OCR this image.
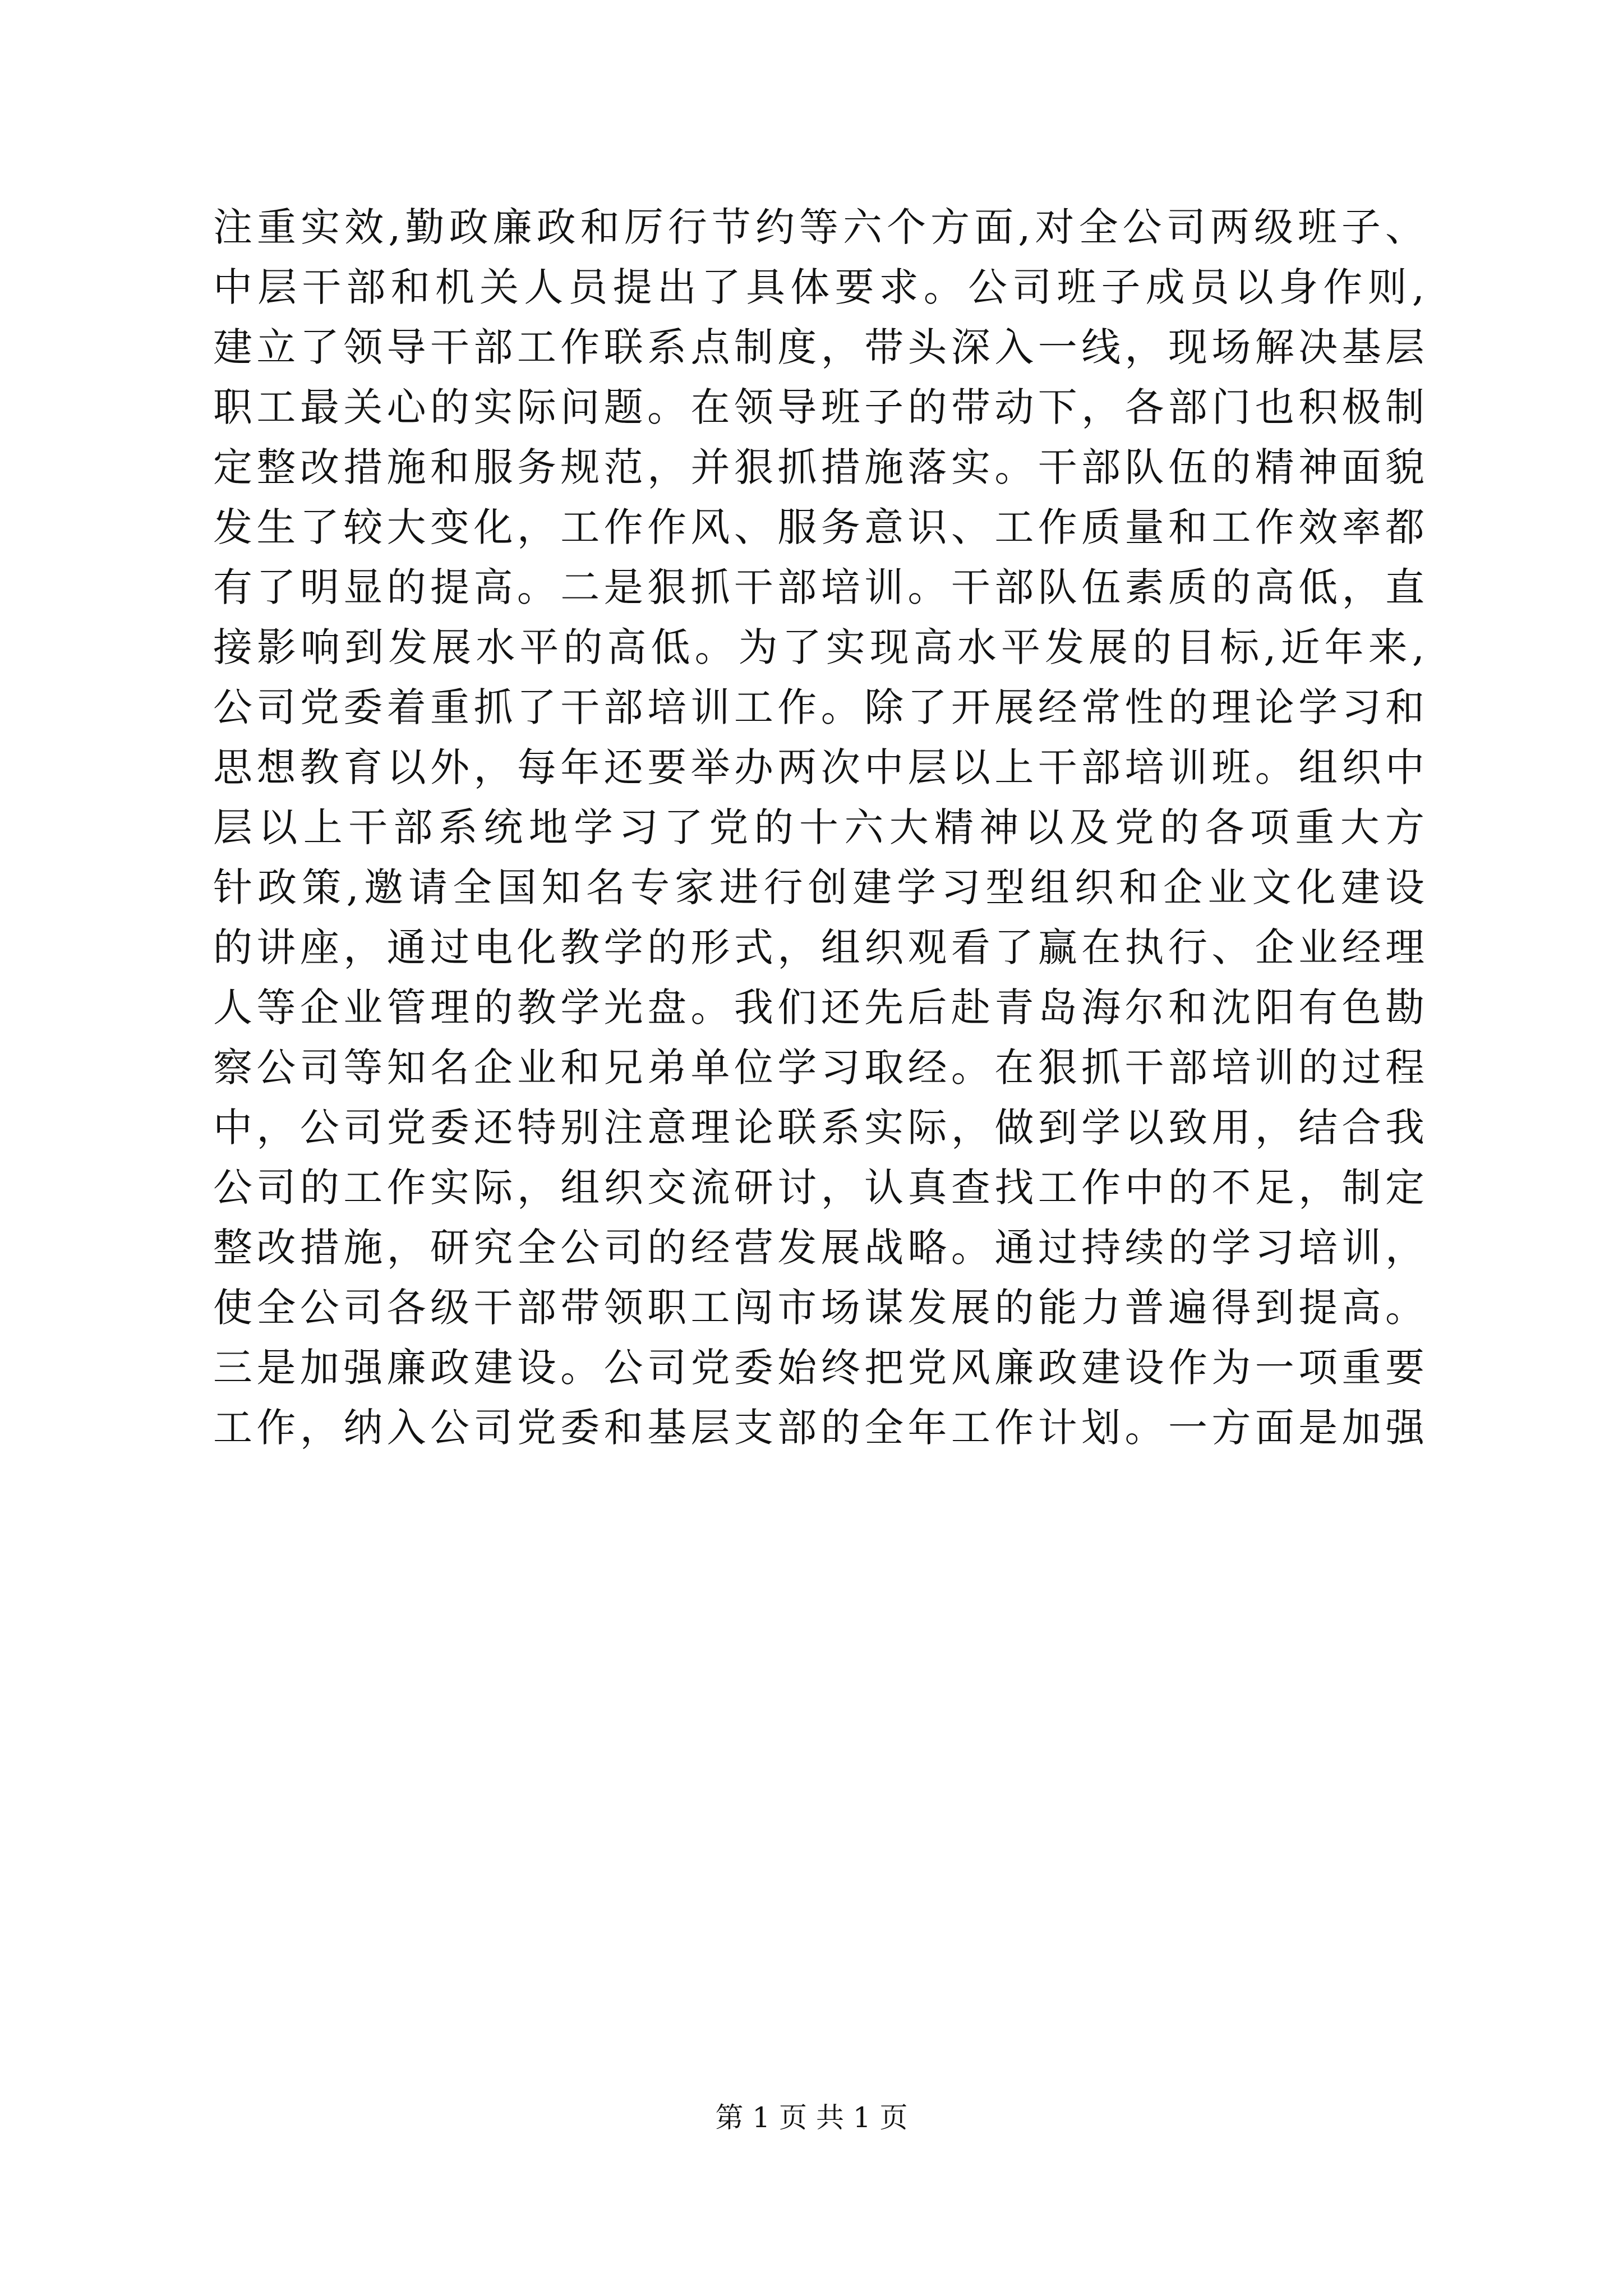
注重实效,勤政廉政和厉行节约等六个方面,对全公司两级班子、
中层干部和机关人员提出了具体要求。公司班子成员以身作则,
建立了领导干部工作联系点制度，带头深入一线，现场解决基层
职工最关心的实际问题。在领导班子的带动下，各部门也积极制
定整改措施和服务规范，并狠抓措施落实。干部队伍的精神面貌
发生了较大变化，工作作风、服务意识、工作质量和工作效率都
有了明显的提高。二是狠抓干部培训。干部队伍素质的高低，直
接影响到发展水平的高低。为了实现高水平发展的目标,近年来,
公司党委着重抓了干部培训工作。除了开展经常性的理论学习和
思想教育以外，每年还要举办两次中层以上干部培训班。组织中
层以上干部系统地学习了党的十六大精神以及党的各项重大方
针政策,邀请全国知名专家进行创建学习型组织和企业文化建设
的讲座，通过电化教学的形式，组织观看了赢在执行、企业经理
人等企业管理的教学光盘。我们还先后赴青岛海尔和沈阳有色勘
察公司等知名企业和兄弟单位学习取经。在狠抓干部培训的过程
中，公司党委还特别注意理论联系实际，做到学以致用，结合我
公司的工作实际，组织交流研讨，认真查找工作中的不足，制定
整改措施，研究全公司的经营发展战略。通过持续的学习培训，
使全公司各级干部带领职工闯市场谋发展的能力普遍得到提高。
三是加强廉政建设。公司党委始终把党风廉政建设作为一项重要
工作，纳入公司党委和基层支部的全年工作计划。一方面是加强
第 1 页 共 1 页
